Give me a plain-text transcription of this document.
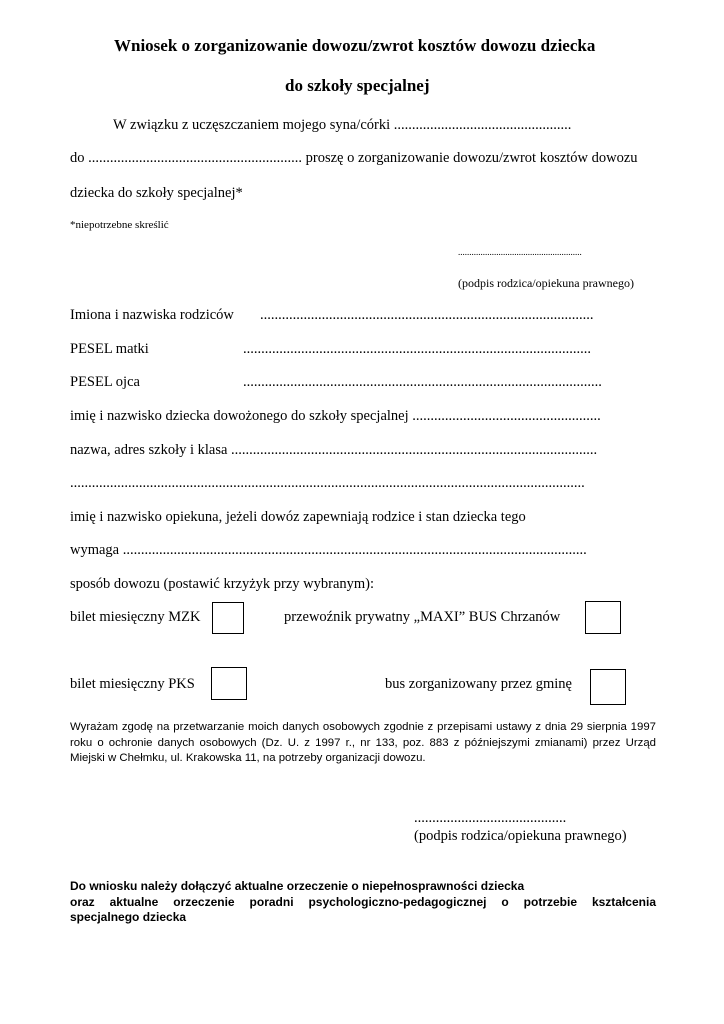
Wniosek o zorganizowanie dowozu/zwrot kosztów dowozu dziecka
do szkoły specjalnej
W związku z uczęszczaniem mojego syna/córki .................................................
do ........................................................... proszę o zorganizowanie dowozu/zwrot kosztów dowozu
dziecka do szkoły specjalnej*
*niepotrzebne skreślić
.......................................................
(podpis rodzica/opiekuna prawnego)
Imiona i nazwiska rodziców ............................................................................................
PESEL matki	................................................................................................
PESEL ojca	...................................................................................................
imię i nazwisko dziecka dowożonego do szkoły specjalnej ....................................................
nazwa, adres szkoły i klasa .....................................................................................................
..............................................................................................................................................
imię i nazwisko opiekuna, jeżeli dowóz zapewniają rodzice i stan dziecka tego
wymaga ................................................................................................................................
sposób dowozu (postawić krzyżyk przy wybranym):
bilet miesięczny MZK	przewoźnik prywatny „MAXI” BUS Chrzanów
bilet miesięczny PKS	bus zorganizowany przez gminę
Wyrażam zgodę na przetwarzanie moich danych osobowych zgodnie z przepisami ustawy z dnia 29 sierpnia 1997 roku o ochronie danych osobowych (Dz. U. z 1997 r., nr 133, poz. 883 z późniejszymi zmianami) przez Urząd Miejski w Chełmku, ul. Krakowska 11, na potrzeby organizacji dowozu.
..........................................
(podpis rodzica/opiekuna prawnego)
Do wniosku należy dołączyć aktualne orzeczenie o niepełnosprawności dziecka
oraz aktualne orzeczenie poradni psychologiczno-pedagogicznej o potrzebie kształcenia
specjalnego dziecka
